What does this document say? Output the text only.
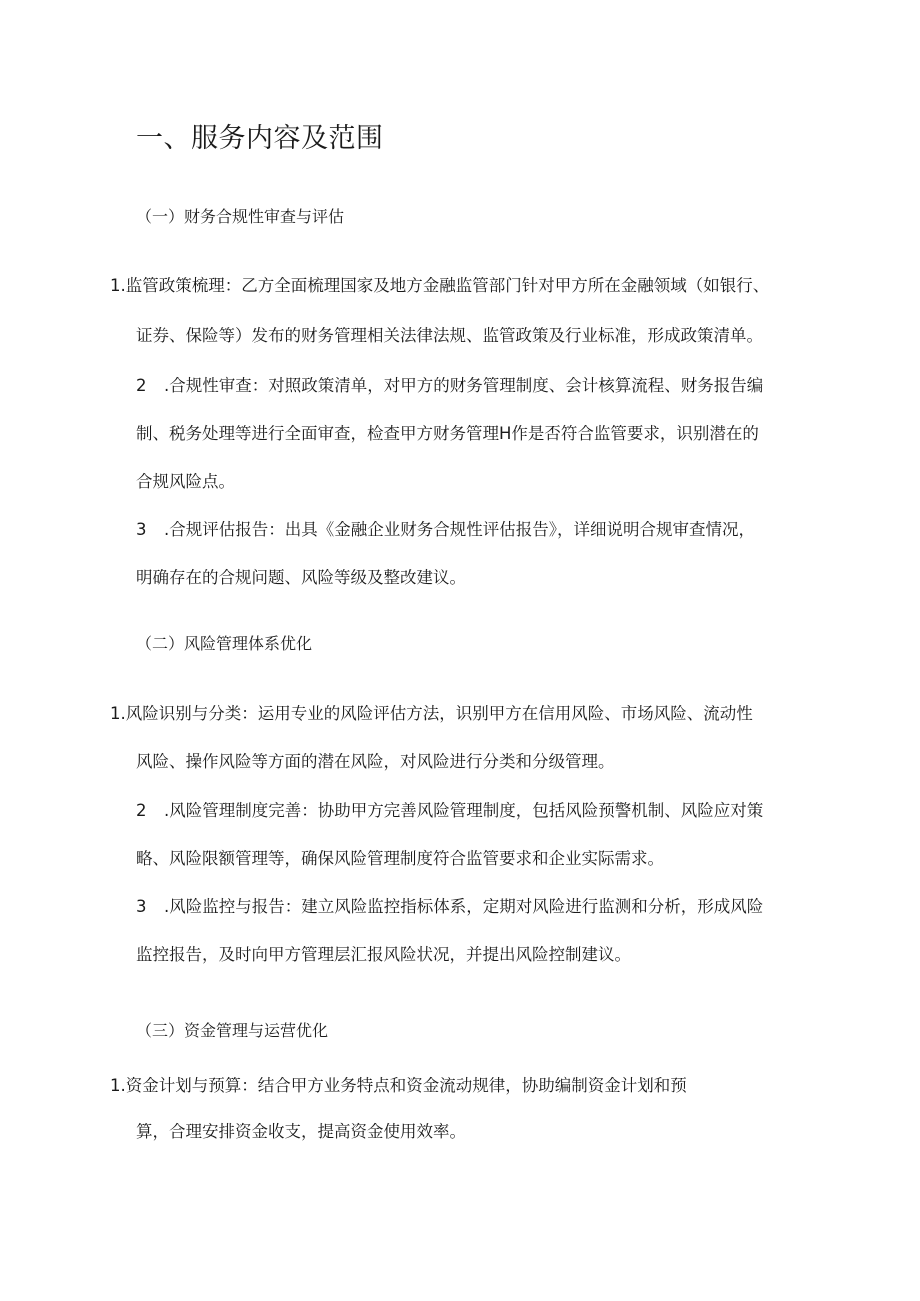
一、服务内容及范围
（一）财务合规性审查与评估
1.监管政策梳理：乙方全面梳理国家及地方金融监管部门针对甲方所在金融领域（如银行、
证券、保险等）发布的财务管理相关法律法规、监管政策及行业标准，形成政策清单。
2 .合规性审查：对照政策清单，对甲方的财务管理制度、会计核算流程、财务报告编
制、税务处理等进行全面审查，检查甲方财务管理H作是否符合监管要求，识别潜在的
合规风险点。
3 .合规评估报告：出具《金融企业财务合规性评估报告》，详细说明合规审查情况，
明确存在的合规问题、风险等级及整改建议。
（二）风险管理体系优化
1.风险识别与分类：运用专业的风险评估方法，识别甲方在信用风险、市场风险、流动性
风险、操作风险等方面的潜在风险，对风险进行分类和分级管理。
2 .风险管理制度完善：协助甲方完善风险管理制度，包括风险预警机制、风险应对策
略、风险限额管理等，确保风险管理制度符合监管要求和企业实际需求。
3 .风险监控与报告：建立风险监控指标体系，定期对风险进行监测和分析，形成风险
监控报告，及时向甲方管理层汇报风险状况，并提出风险控制建议。
（三）资金管理与运营优化
1.资金计划与预算：结合甲方业务特点和资金流动规律，协助编制资金计划和预
算，合理安排资金收支，提高资金使用效率。
